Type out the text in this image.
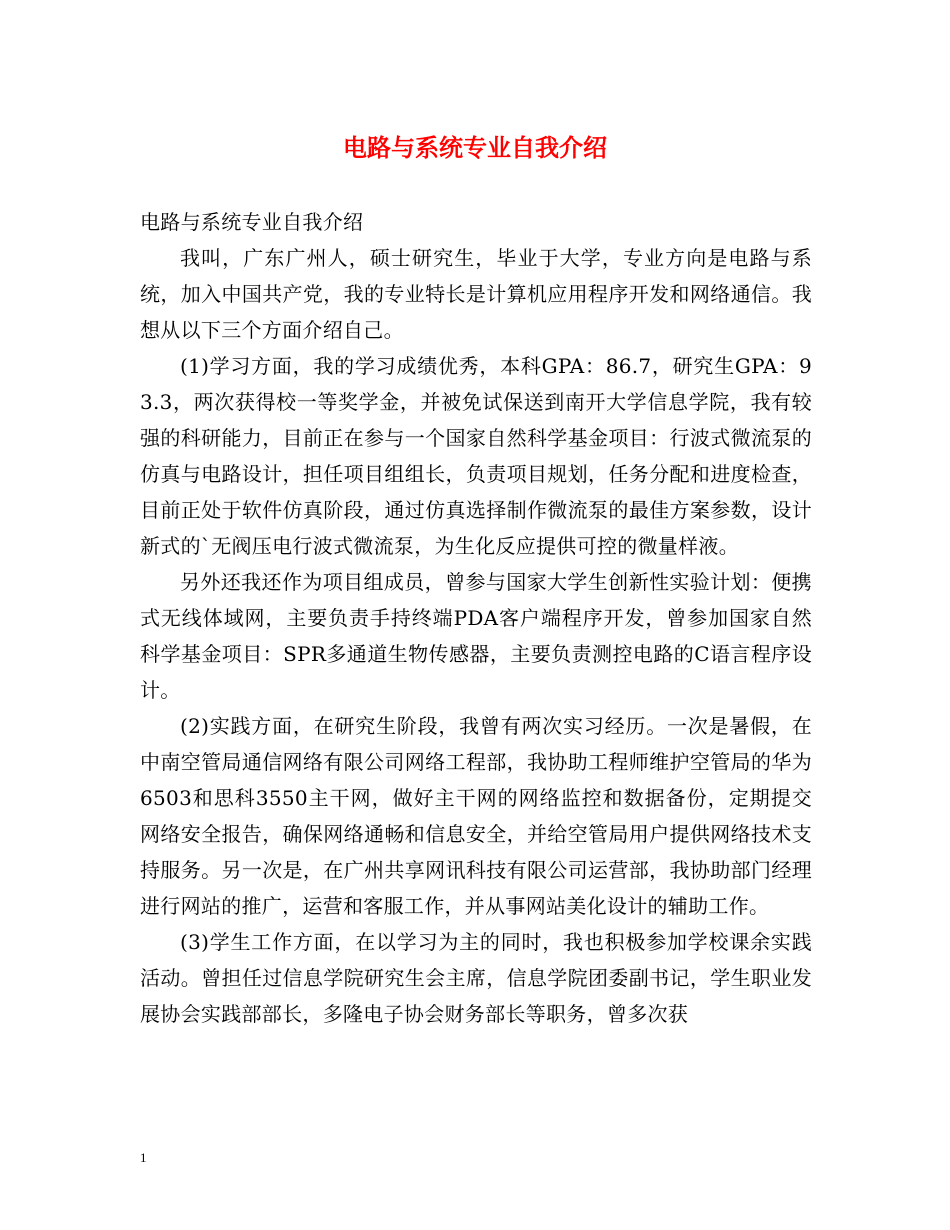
电路与系统专业自我介绍

电路与系统专业自我介绍

我叫，广东广州人，硕士研究生，毕业于大学，专业方向是电路与系统，加入中国共产党，我的专业特长是计算机应用程序开发和网络通信。我想从以下三个方面介绍自己。

(1)学习方面，我的学习成绩优秀，本科GPA：86.7，研究生GPA：93.3，两次获得校一等奖学金，并被免试保送到南开大学信息学院，我有较强的科研能力，目前正在参与一个国家自然科学基金项目：行波式微流泵的仿真与电路设计，担任项目组组长，负责项目规划，任务分配和进度检查，目前正处于软件仿真阶段，通过仿真选择制作微流泵的最佳方案参数，设计新式的`无阀压电行波式微流泵，为生化反应提供可控的微量样液。

另外还我还作为项目组成员，曾参与国家大学生创新性实验计划：便携式无线体域网，主要负责手持终端PDA客户端程序开发，曾参加国家自然科学基金项目：SPR多通道生物传感器，主要负责测控电路的C语言程序设计。

(2)实践方面，在研究生阶段，我曾有两次实习经历。一次是暑假，在中南空管局通信网络有限公司网络工程部，我协助工程师维护空管局的华为6503和思科3550主干网，做好主干网的网络监控和数据备份，定期提交网络安全报告，确保网络通畅和信息安全，并给空管局用户提供网络技术支持服务。另一次是，在广州共享网讯科技有限公司运营部，我协助部门经理进行网站的推广，运营和客服工作，并从事网站美化设计的辅助工作。

(3)学生工作方面，在以学习为主的同时，我也积极参加学校课余实践活动。曾担任过信息学院研究生会主席，信息学院团委副书记，学生职业发展协会实践部部长，多隆电子协会财务部长等职务，曾多次获

1
